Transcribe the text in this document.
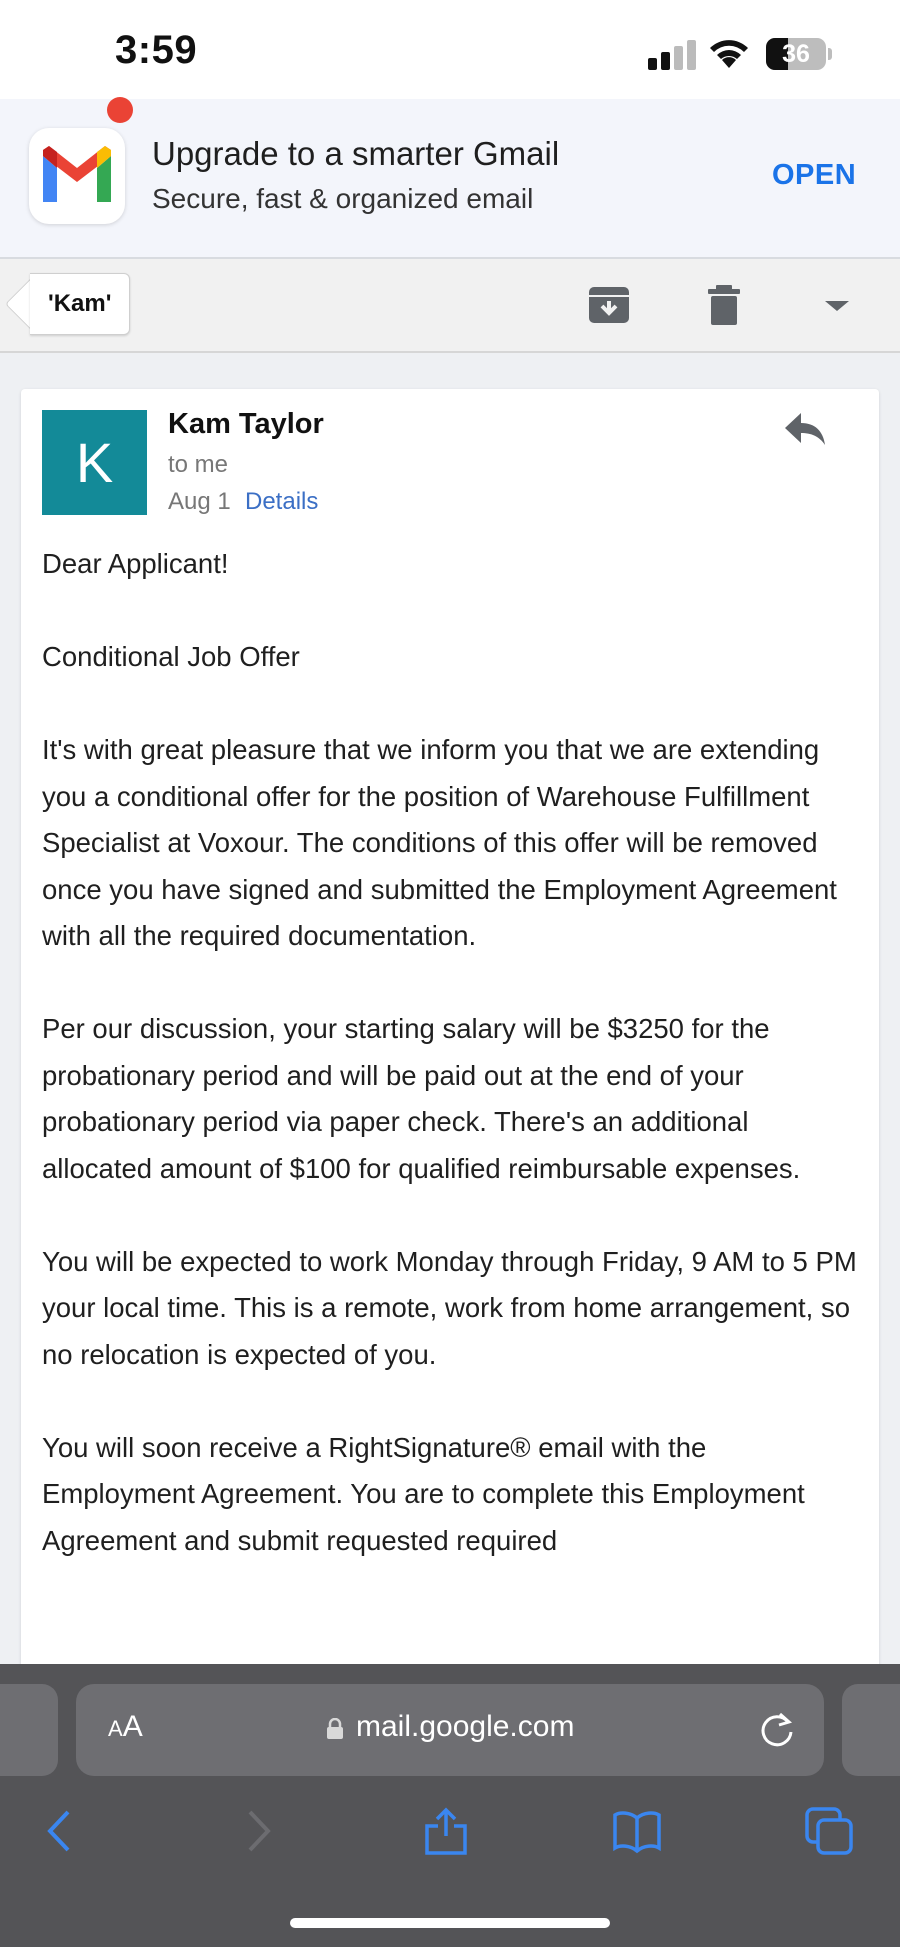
3:59	36
Upgrade to a smarter Gmail
Secure, fast & organized email
OPEN
'Kam'
K
Kam Taylor
to me
Aug 1 Details

Dear Applicant!

Conditional Job Offer

It's with great pleasure that we inform you that we are extending you a conditional offer for the position of Warehouse Fulfillment Specialist at Voxour. The conditions of this offer will be removed once you have signed and submitted the Employment Agreement with all the required documentation.

Per our discussion, your starting salary will be $3250 for the probationary period and will be paid out at the end of your probationary period via paper check. There's an additional allocated amount of $100 for qualified reimbursable expenses.

You will be expected to work Monday through Friday, 9 AM to 5 PM your local time. This is a remote, work from home arrangement, so no relocation is expected of you.

You will soon receive a RightSignature® email with the Employment Agreement. You are to complete this Employment Agreement and submit requested required

AA	mail.google.com
